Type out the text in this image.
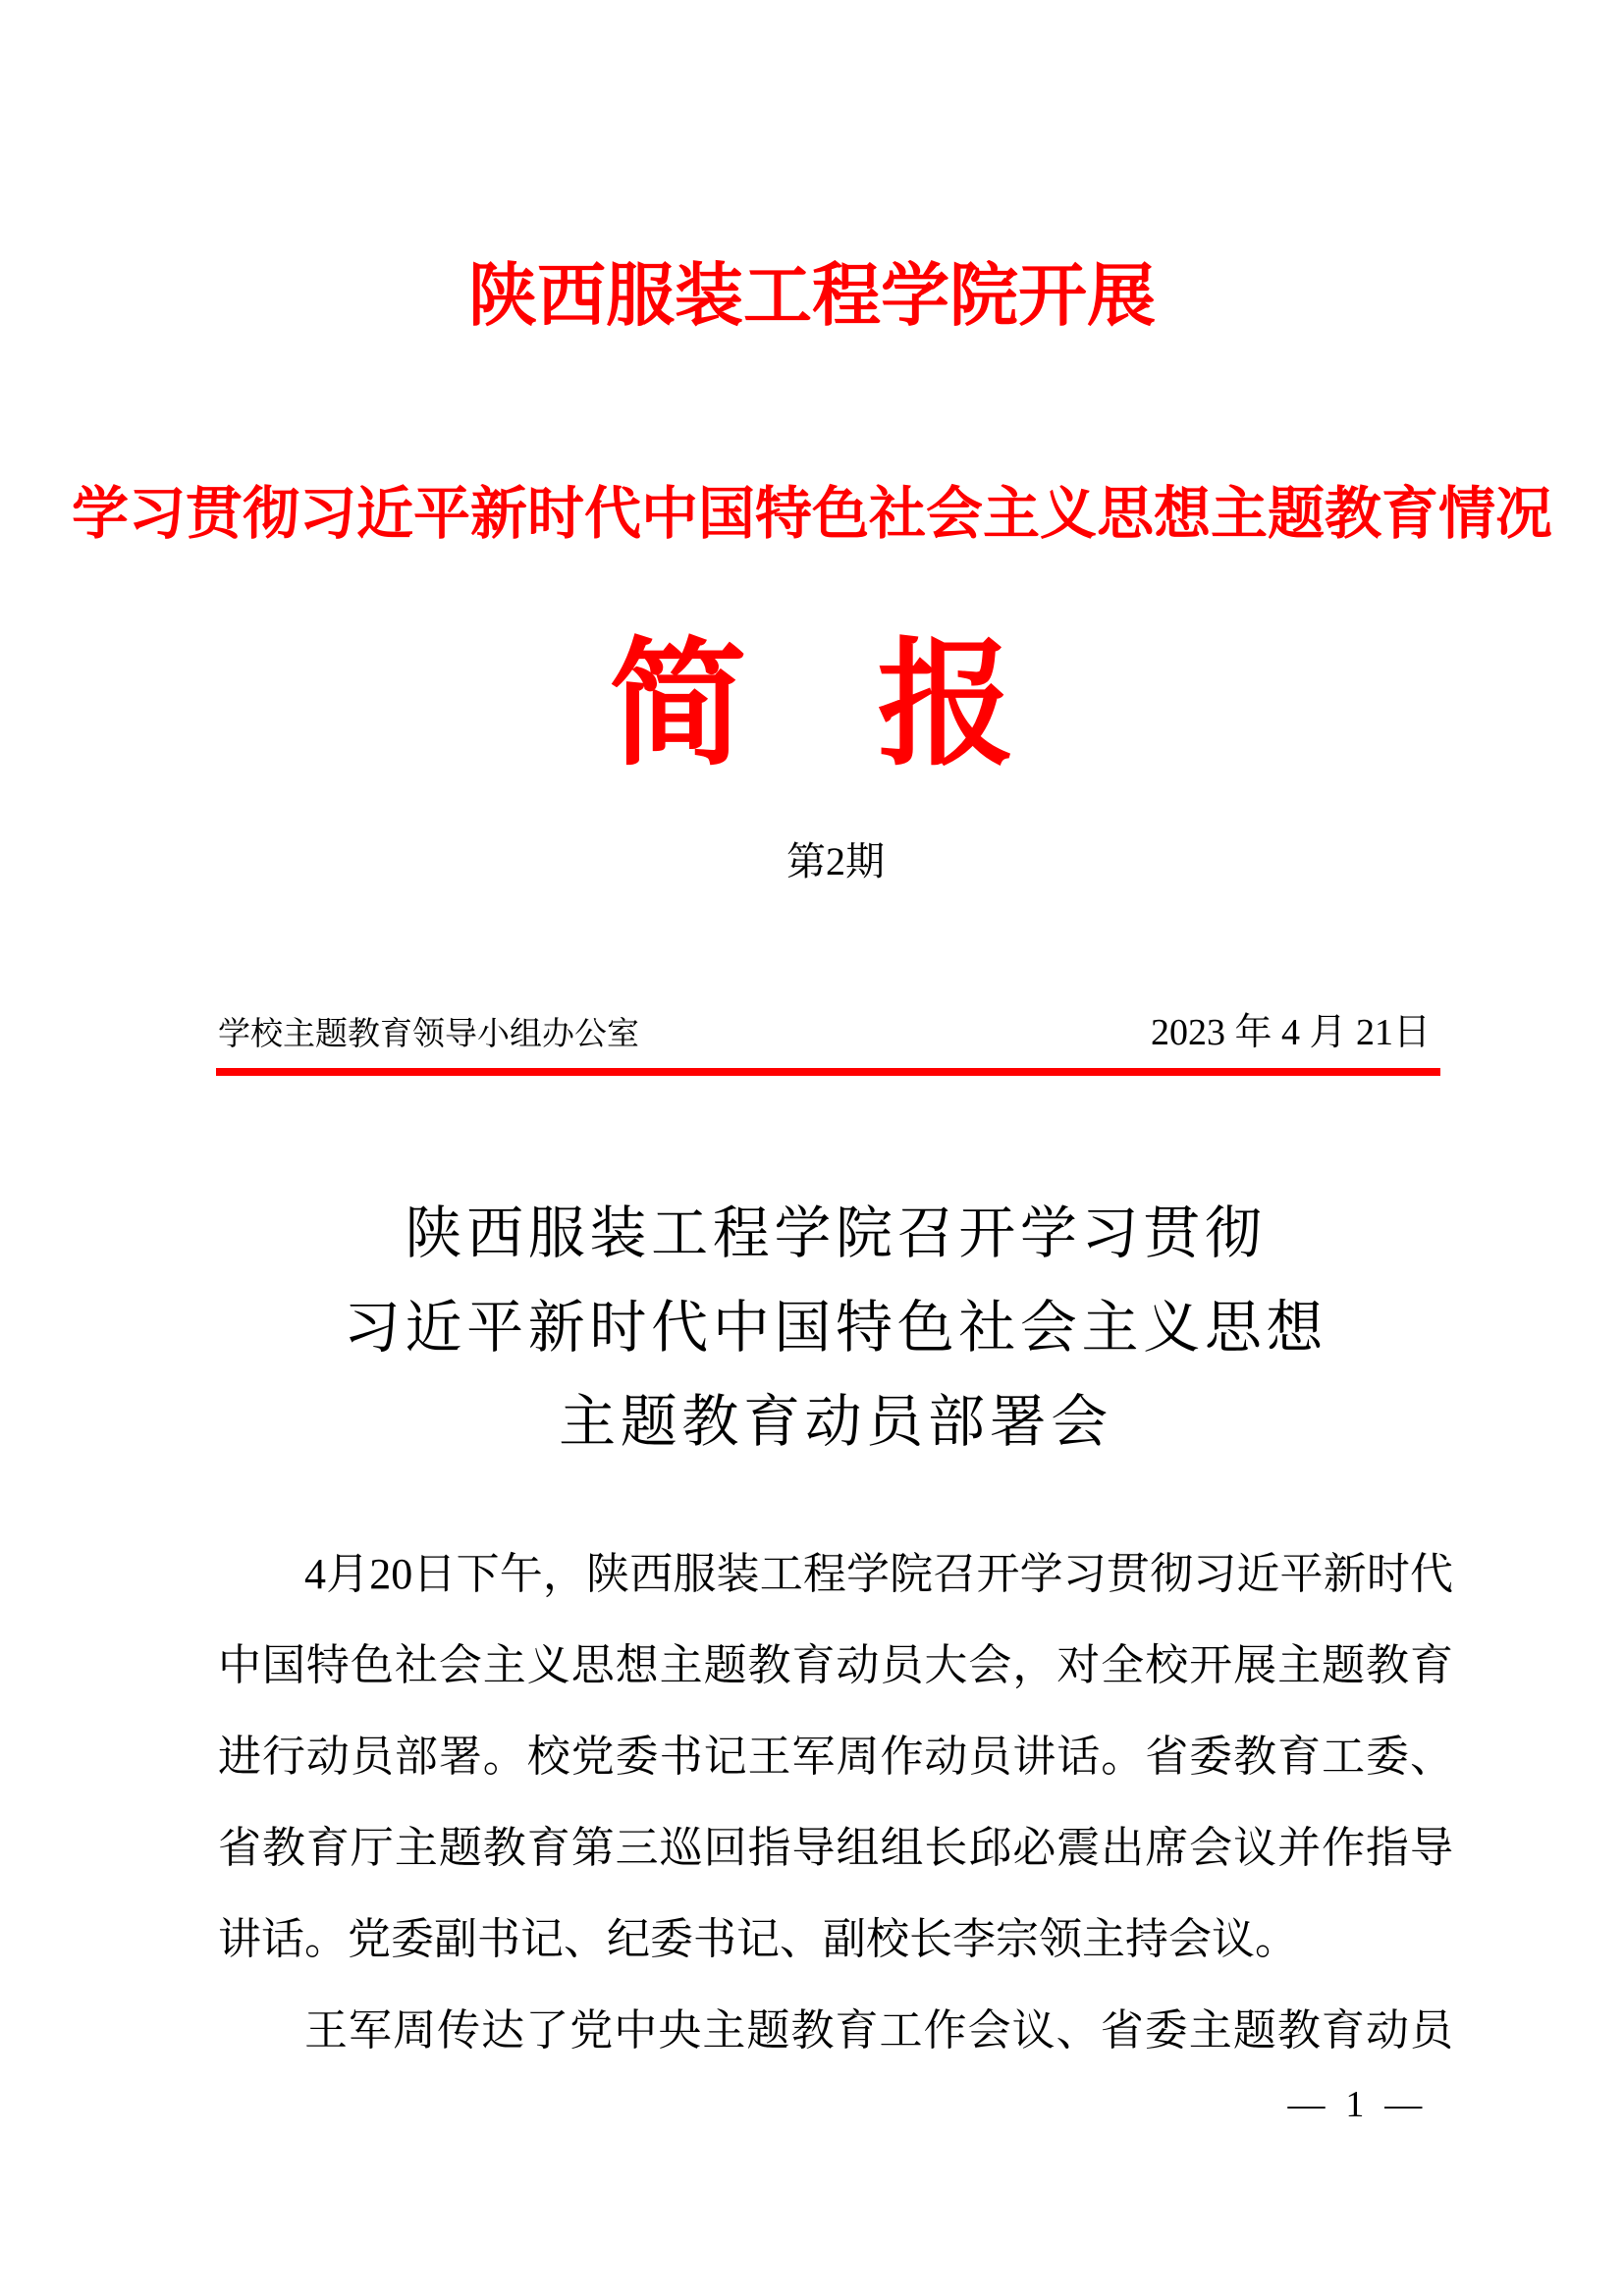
陕西服装工程学院开展
学习贯彻习近平新时代中国特色社会主义思想主题教育情况
简报
第2期
学校主题教育领导小组办公室	2023 年 4 月 21日
陕西服装工程学院召开学习贯彻
习近平新时代中国特色社会主义思想
主题教育动员部署会
4月20日下午，陕西服装工程学院召开学习贯彻习近平新时代
中国特色社会主义思想主题教育动员大会，对全校开展主题教育
进行动员部署。校党委书记王军周作动员讲话。省委教育工委、
省教育厅主题教育第三巡回指导组组长邱必震出席会议并作指导
讲话。党委副书记、纪委书记、副校长李宗领主持会议。
王军周传达了党中央主题教育工作会议、省委主题教育动员
— 1 —
